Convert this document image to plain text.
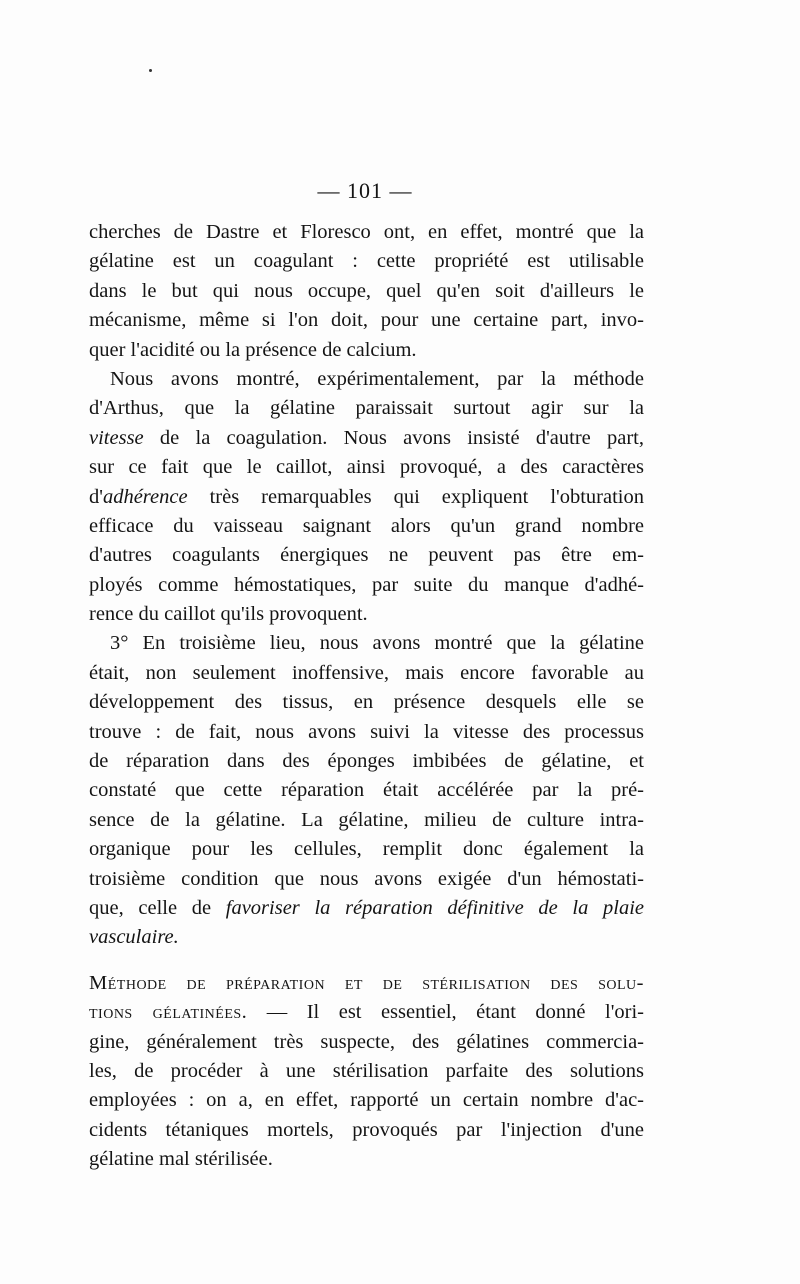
— 101 —
cherches de Dastre et Floresco ont, en effet, montré que la
gélatine est un coagulant : cette propriété est utilisable
dans le but qui nous occupe, quel qu'en soit d'ailleurs le
mécanisme, même si l'on doit, pour une certaine part, invo-
quer l'acidité ou la présence de calcium.
Nous avons montré, expérimentalement, par la méthode
d'Arthus, que la gélatine paraissait surtout agir sur la
vitesse de la coagulation. Nous avons insisté d'autre part,
sur ce fait que le caillot, ainsi provoqué, a des caractères
d'adhérence très remarquables qui expliquent l'obturation
efficace du vaisseau saignant alors qu'un grand nombre
d'autres coagulants énergiques ne peuvent pas être em-
ployés comme hémostatiques, par suite du manque d'adhé-
rence du caillot qu'ils provoquent.
3° En troisième lieu, nous avons montré que la gélatine
était, non seulement inoffensive, mais encore favorable au
développement des tissus, en présence desquels elle se
trouve : de fait, nous avons suivi la vitesse des processus
de réparation dans des éponges imbibées de gélatine, et
constaté que cette réparation était accélérée par la pré-
sence de la gélatine. La gélatine, milieu de culture intra-
organique pour les cellules, remplit donc également la
troisième condition que nous avons exigée d'un hémostati-
que, celle de favoriser la réparation définitive de la plaie
vasculaire.
Méthode de préparation et de stérilisation des solu-
tions gélatinées. — Il est essentiel, étant donné l'ori-
gine, généralement très suspecte, des gélatines commercia-
les, de procéder à une stérilisation parfaite des solutions
employées : on a, en effet, rapporté un certain nombre d'ac-
cidents tétaniques mortels, provoqués par l'injection d'une
gélatine mal stérilisée.
